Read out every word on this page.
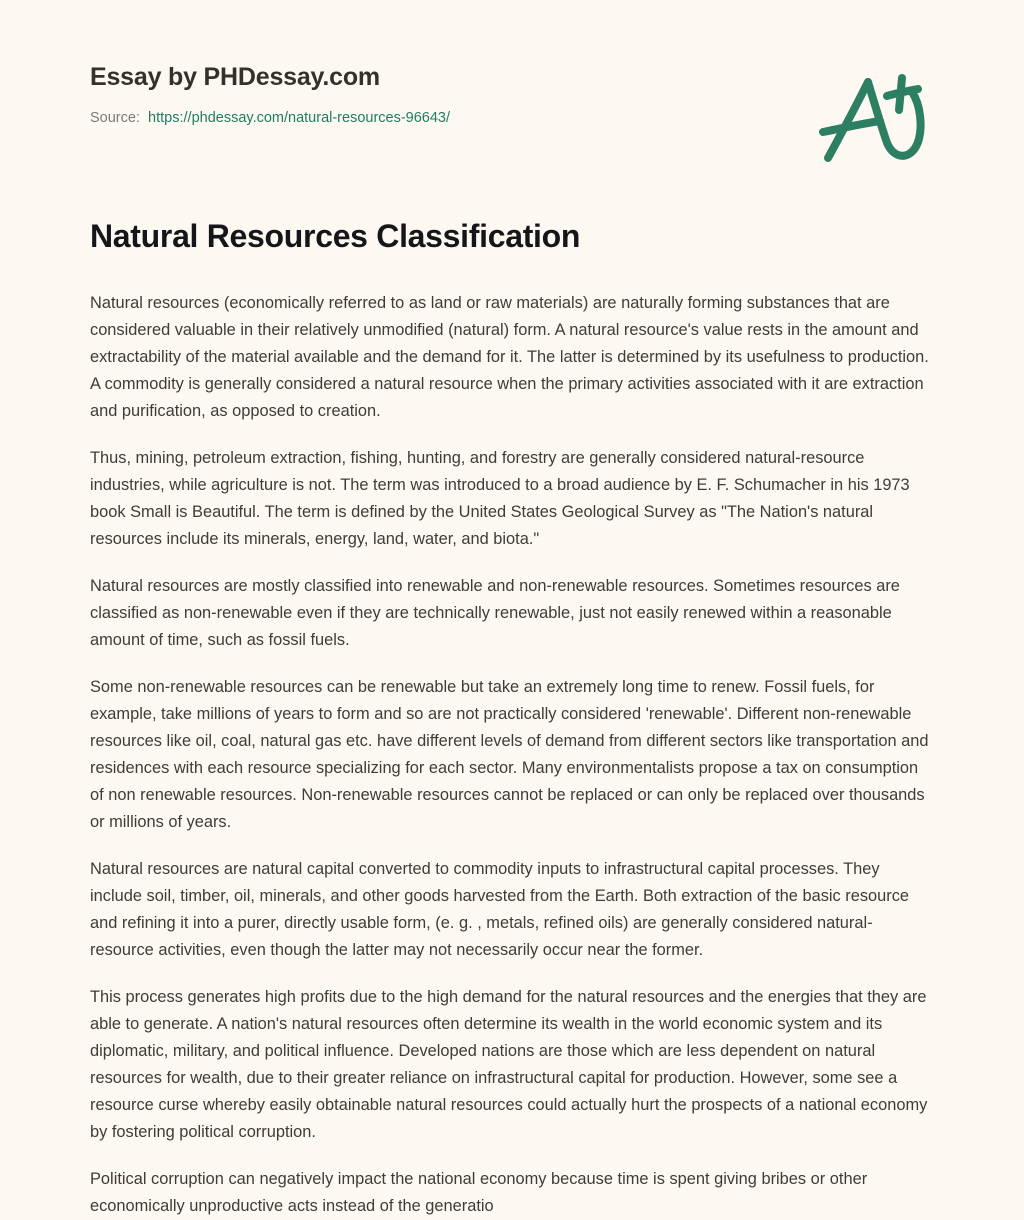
Essay by PHDessay.com
Source: https://phdessay.com/natural-resources-96643/
Natural Resources Classification

Natural resources (economically referred to as land or raw materials) are naturally forming substances that are considered valuable in their relatively unmodified (natural) form. A natural resource's value rests in the amount and extractability of the material available and the demand for it. The latter is determined by its usefulness to production. A commodity is generally considered a natural resource when the primary activities associated with it are extraction and purification, as opposed to creation.

Thus, mining, petroleum extraction, fishing, hunting, and forestry are generally considered natural-resource industries, while agriculture is not. The term was introduced to a broad audience by E. F. Schumacher in his 1973 book Small is Beautiful. The term is defined by the United States Geological Survey as "The Nation's natural resources include its minerals, energy, land, water, and biota."

Natural resources are mostly classified into renewable and non-renewable resources. Sometimes resources are classified as non-renewable even if they are technically renewable, just not easily renewed within a reasonable amount of time, such as fossil fuels.

Some non-renewable resources can be renewable but take an extremely long time to renew. Fossil fuels, for example, take millions of years to form and so are not practically considered 'renewable'. Different non-renewable resources like oil, coal, natural gas etc. have different levels of demand from different sectors like transportation and residences with each resource specializing for each sector. Many environmentalists propose a tax on consumption of non renewable resources. Non-renewable resources cannot be replaced or can only be replaced over thousands or millions of years.

Natural resources are natural capital converted to commodity inputs to infrastructural capital processes. They include soil, timber, oil, minerals, and other goods harvested from the Earth. Both extraction of the basic resource and refining it into a purer, directly usable form, (e. g. , metals, refined oils) are generally considered natural-resource activities, even though the latter may not necessarily occur near the former.

This process generates high profits due to the high demand for the natural resources and the energies that they are able to generate. A nation's natural resources often determine its wealth in the world economic system and its diplomatic, military, and political influence. Developed nations are those which are less dependent on natural resources for wealth, due to their greater reliance on infrastructural capital for production. However, some see a resource curse whereby easily obtainable natural resources could actually hurt the prospects of a national economy by fostering political corruption.

Political corruption can negatively impact the national economy because time is spent giving bribes or other economically unproductive acts instead of the generatio
